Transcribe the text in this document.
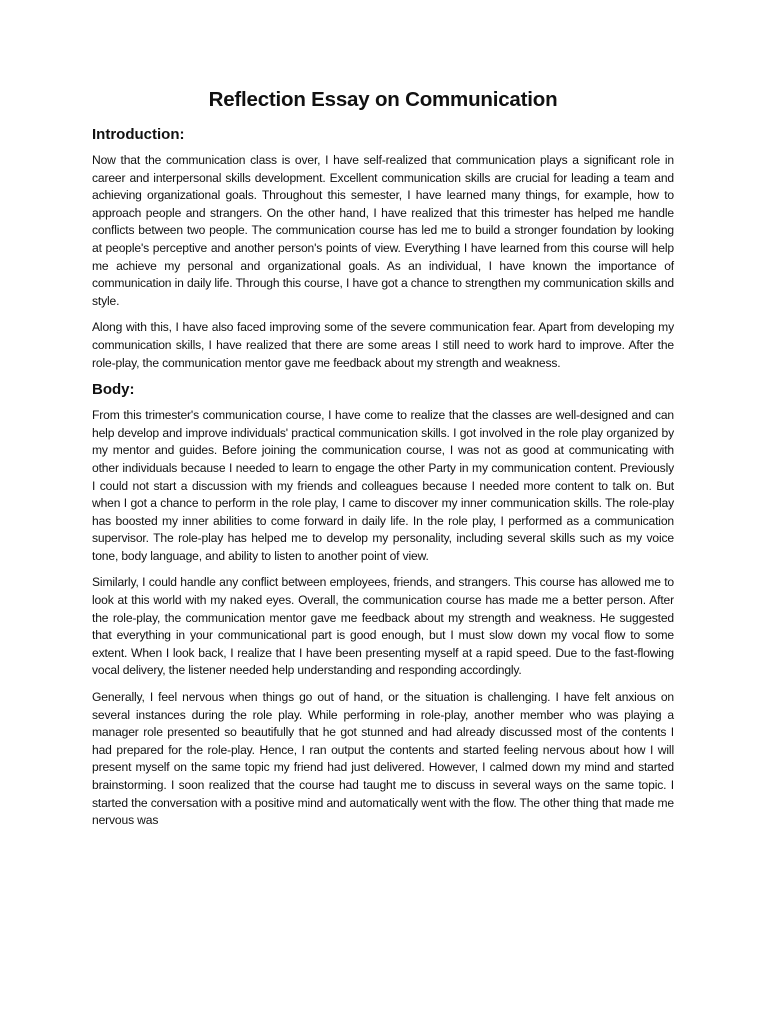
Reflection Essay on Communication
Introduction:

Now that the communication class is over, I have self-realized that communication plays a significant role in career and interpersonal skills development. Excellent communication skills are crucial for leading a team and achieving organizational goals. Throughout this semester, I have learned many things, for example, how to approach people and strangers. On the other hand, I have realized that this trimester has helped me handle conflicts between two people. The communication course has led me to build a stronger foundation by looking at people's perceptive and another person's points of view. Everything I have learned from this course will help me achieve my personal and organizational goals. As an individual, I have known the importance of communication in daily life. Through this course, I have got a chance to strengthen my communication skills and style.

Along with this, I have also faced improving some of the severe communication fear. Apart from developing my communication skills, I have realized that there are some areas I still need to work hard to improve. After the role-play, the communication mentor gave me feedback about my strength and weakness.

Body:

From this trimester's communication course, I have come to realize that the classes are well-designed and can help develop and improve individuals' practical communication skills. I got involved in the role play organized by my mentor and guides. Before joining the communication course, I was not as good at communicating with other individuals because I needed to learn to engage the other Party in my communication content. Previously I could not start a discussion with my friends and colleagues because I needed more content to talk on. But when I got a chance to perform in the role play, I came to discover my inner communication skills. The role-play has boosted my inner abilities to come forward in daily life. In the role play, I performed as a communication supervisor. The role-play has helped me to develop my personality, including several skills such as my voice tone, body language, and ability to listen to another point of view.

Similarly, I could handle any conflict between employees, friends, and strangers. This course has allowed me to look at this world with my naked eyes. Overall, the communication course has made me a better person. After the role-play, the communication mentor gave me feedback about my strength and weakness. He suggested that everything in your communicational part is good enough, but I must slow down my vocal flow to some extent. When I look back, I realize that I have been presenting myself at a rapid speed. Due to the fast-flowing vocal delivery, the listener needed help understanding and responding accordingly.

Generally, I feel nervous when things go out of hand, or the situation is challenging. I have felt anxious on several instances during the role play. While performing in role-play, another member who was playing a manager role presented so beautifully that he got stunned and had already discussed most of the contents I had prepared for the role-play. Hence, I ran output the contents and started feeling nervous about how I will present myself on the same topic my friend had just delivered. However, I calmed down my mind and started brainstorming. I soon realized that the course had taught me to discuss in several ways on the same topic. I started the conversation with a positive mind and automatically went with the flow. The other thing that made me nervous was
